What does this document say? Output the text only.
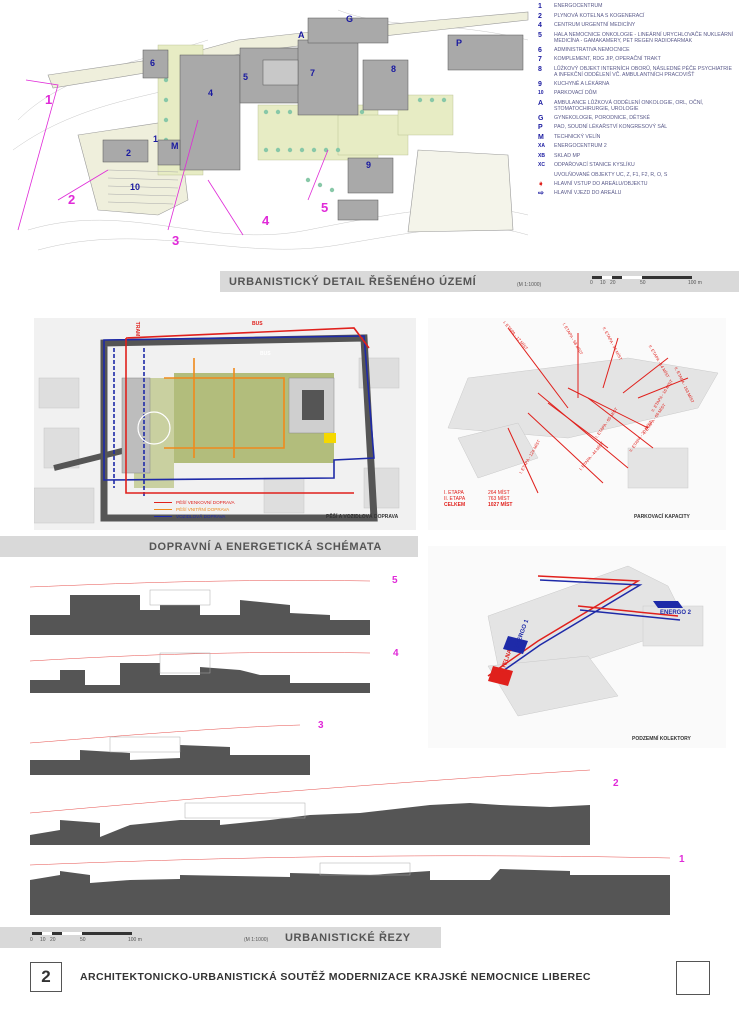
G
A
P
6
7	8
4
5
2
1
M
10
9
1
2
3
4
5
1	ENERGOCENTRUM
2	PLYNOVÁ KOTELNA S KOGENERACÍ
4	CENTRUM URGENTNÍ MEDICÍNY
5	HALA NEMOCNICE ONKOLOGIE - LINEÁRNÍ URYCHLOVAČE NUKLEÁRNÍ MEDICÍNA - GAMAKAMERY, PET REGEN RADIOFARMAK
6	ADMINISTRATIVA NEMOCNICE
7	KOMPLEMENT, RDG JIP, OPERAČNÍ TRAKT
8	LŮŽKOVÝ OBJEKT INTERNÍCH OBORŮ, NÁSLEDNÉ PÉČE PSYCHIATRIE A INFEKČNÍ ODDĚLENÍ VČ. AMBULANTNÍCH PRACOVIŠŤ
9	KUCHYNĚ A LÉKÁRNA
10	PARKOVACÍ DŮM
A	AMBULANCE LŮŽKOVÁ ODDĚLENÍ ONKOLOGIE, ORL, OČNÍ, STOMATOCHIRURGIE, UROLOGIE
G	GYNEKOLOGIE, PORODNICE, DĚTSKÉ
P	PAO, SOUDNÍ LÉKAŘSTVÍ KONGRESOVÝ SÁL
M	TECHNICKÝ VELÍN
XA	ENERGOCENTRUM 2
XB	SKLAD MP
XC	ODPAŘOVACÍ STANICE KYSLÍKU
UVOLŇOVANÉ OBJEKTY UC, Z, F1, F2, R, O, S
➧	HLAVNÍ VSTUP DO AREÁLU/OBJEKTU
⇨	HLAVNÍ VJEZD DO AREÁLU
URBANISTICKÝ DETAIL ŘEŠENÉHO ÚZEMÍ	(M 1:1000)	0 10 20	50	100 m
BUS
BUS
TRAM
PĚŠÍ VENKOVNÍ DOPRAVA
PĚŠÍ VNITŘNÍ DOPRAVA
VOZIDLOVÁ DOPRAVA	PĚŠÍ A VOZIDLOVÁ DOPRAVA
I. ETAPA - 17 MÍST	I. ETAPA - 58 MÍST	II. ETAPA - 96 MÍST
II. ETAPA - 14 MÍST
II. ETAPA - 163 MÍST
II. ETAPA - 16 MÍST
II. ETAPA - 20 MÍST
I. ETAPA - 65 MÍST
I. ETAPA - 44 MÍST
I. ETAPA - 124 MÍST
I. ETAPA - 66 MÍST
I. ETAPA	264 MÍST
II. ETAPA	763 MÍST
CELKEM	1027 MÍST
PARKOVACÍ KAPACITY
DOPRAVNÍ A ENERGETICKÁ SCHÉMATA
ENERGO 2
ENERGO 1
KOTELNA
PODZEMNÍ KOLEKTORY
5
4
3
2
1
0 10 20	50	100 m	(M 1:1000) URBANISTICKÉ ŘEZY
2	ARCHITEKTONICKO-URBANISTICKÁ SOUTĚŽ MODERNIZACE KRAJSKÉ NEMOCNICE LIBEREC
